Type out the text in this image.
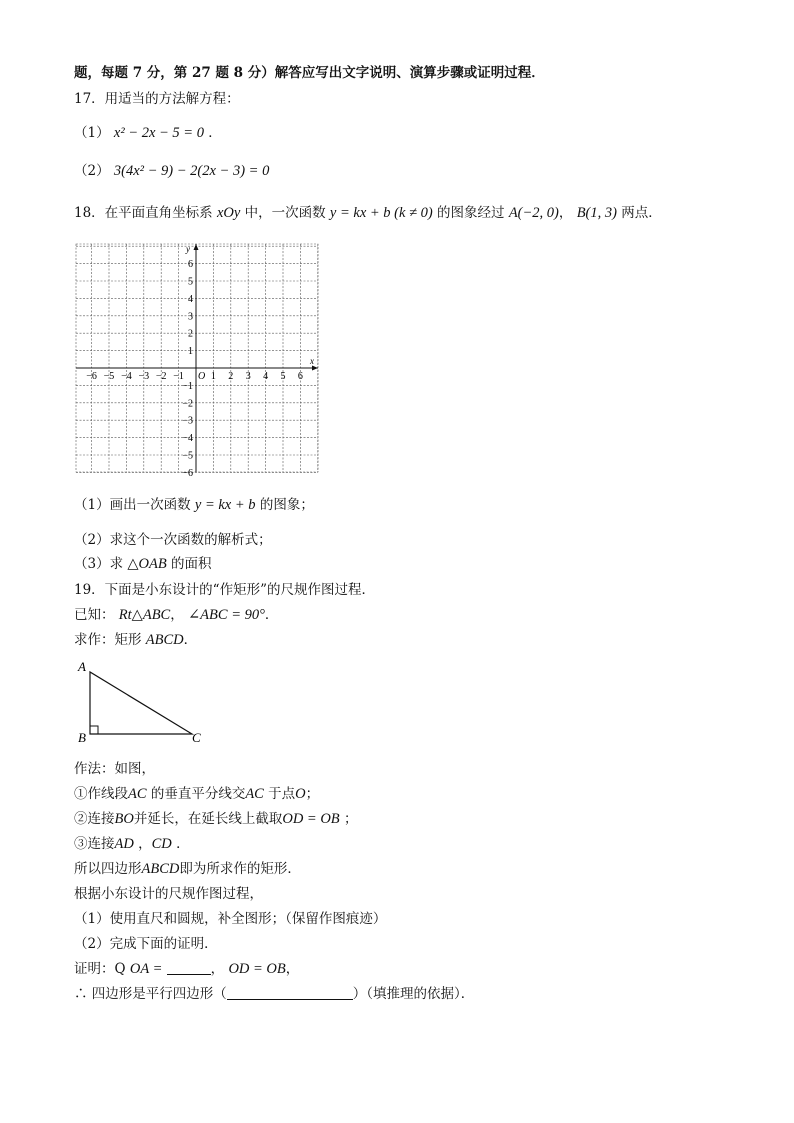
题，每题 7 分，第 27 题 8 分）解答应写出文字说明、演算步骤或证明过程．
17．用适当的方法解方程：
（1） x² − 2x − 5 = 0 ．
（2） 3(4x² − 9) − 2(2x − 3) = 0
18．在平面直角坐标系 xOy 中，一次函数 y = kx + b (k ≠ 0) 的图象经过 A(−2, 0)， B(1, 3) 两点．
−6 −5 −4 −3 −2 −1	1 2 3 4 5 6
6
5
4
3
2
1
−1
−2
−3
−4
−5
−6
O
x
y
（1）画出一次函数 y = kx + b 的图象；
（2）求这个一次函数的解析式；
（3）求 △OAB 的面积
19．下面是小东设计的“作矩形”的尺规作图过程．
已知： Rt△ABC， ∠ABC = 90°．
求作：矩形 ABCD．
A
B	C
作法：如图，
①作线段AC 的垂直平分线交AC 于点O；
②连接BO并延长，在延长线上截取OD = OB ；
③连接AD ，CD ．
所以四边形ABCD即为所求作的矩形．
根据小东设计的尺规作图过程，
（1）使用直尺和圆规，补全图形；（保留作图痕迹）
（2）完成下面的证明．
证明：Q OA =	， OD = OB，
∴ 四边形是平行四边形（	）（填推理的依据）．
